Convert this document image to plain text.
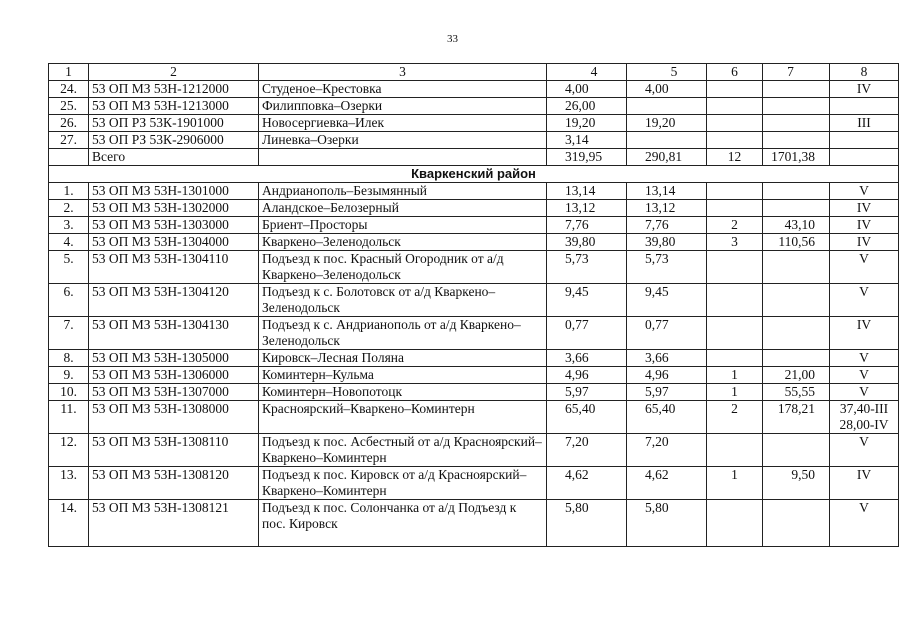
33
1	2	3	4	5	6	7	8
24.	53 ОП МЗ 53Н-1212000	Студеное–Крестовка	4,00	4,00			IV
25.	53 ОП МЗ 53Н-1213000	Филипповка–Озерки	26,00				
26.	53 ОП РЗ 53К-1901000	Новосергиевка–Илек	19,20	19,20			III
27.	53 ОП РЗ 53К-2906000	Линевка–Озерки	3,14				
	Всего		319,95	290,81	12	1701,38	
Кваркенский район							
1.	53 ОП МЗ 53Н-1301000	Андрианополь–Безымянный	13,14	13,14			V
2.	53 ОП МЗ 53Н-1302000	Аландское–Белозерный	13,12	13,12			IV
3.	53 ОП МЗ 53Н-1303000	Бриент–Просторы	7,76	7,76	2	43,10	IV
4.	53 ОП МЗ 53Н-1304000	Кваркено–Зеленодольск	39,80	39,80	3	110,56	IV
5.	53 ОП МЗ 53Н-1304110	Подъезд к пос. Красный Огородник от а/д Кваркено–Зеленодольск	5,73	5,73			V
6.	53 ОП МЗ 53Н-1304120	Подъезд к с. Болотовск от а/д Кваркено–Зеленодольск	9,45	9,45			V
7.	53 ОП МЗ 53Н-1304130	Подъезд к с. Андрианополь от а/д Кваркено–Зеленодольск	0,77	0,77			IV
8.	53 ОП МЗ 53Н-1305000	Кировск–Лесная Поляна	3,66	3,66			V
9.	53 ОП МЗ 53Н-1306000	Коминтерн–Кульма	4,96	4,96	1	21,00	V
10.	53 ОП МЗ 53Н-1307000	Коминтерн–Новопотоцк	5,97	5,97	1	55,55	V
11.	53 ОП МЗ 53Н-1308000	Красноярский–Кваркено–Коминтерн	65,40	65,40	2	178,21	37,40-III 28,00-IV
12.	53 ОП МЗ 53Н-1308110	Подъезд к пос. Асбестный от а/д Красноярский–Кваркено–Коминтерн	7,20	7,20			V
13.	53 ОП МЗ 53Н-1308120	Подъезд к пос. Кировск от а/д Красноярский–Кваркено–Коминтерн	4,62	4,62	1	9,50	IV
14.	53 ОП МЗ 53Н-1308121	Подъезд к пос. Солончанка от а/д Подъезд к пос. Кировск	5,80	5,80			V
